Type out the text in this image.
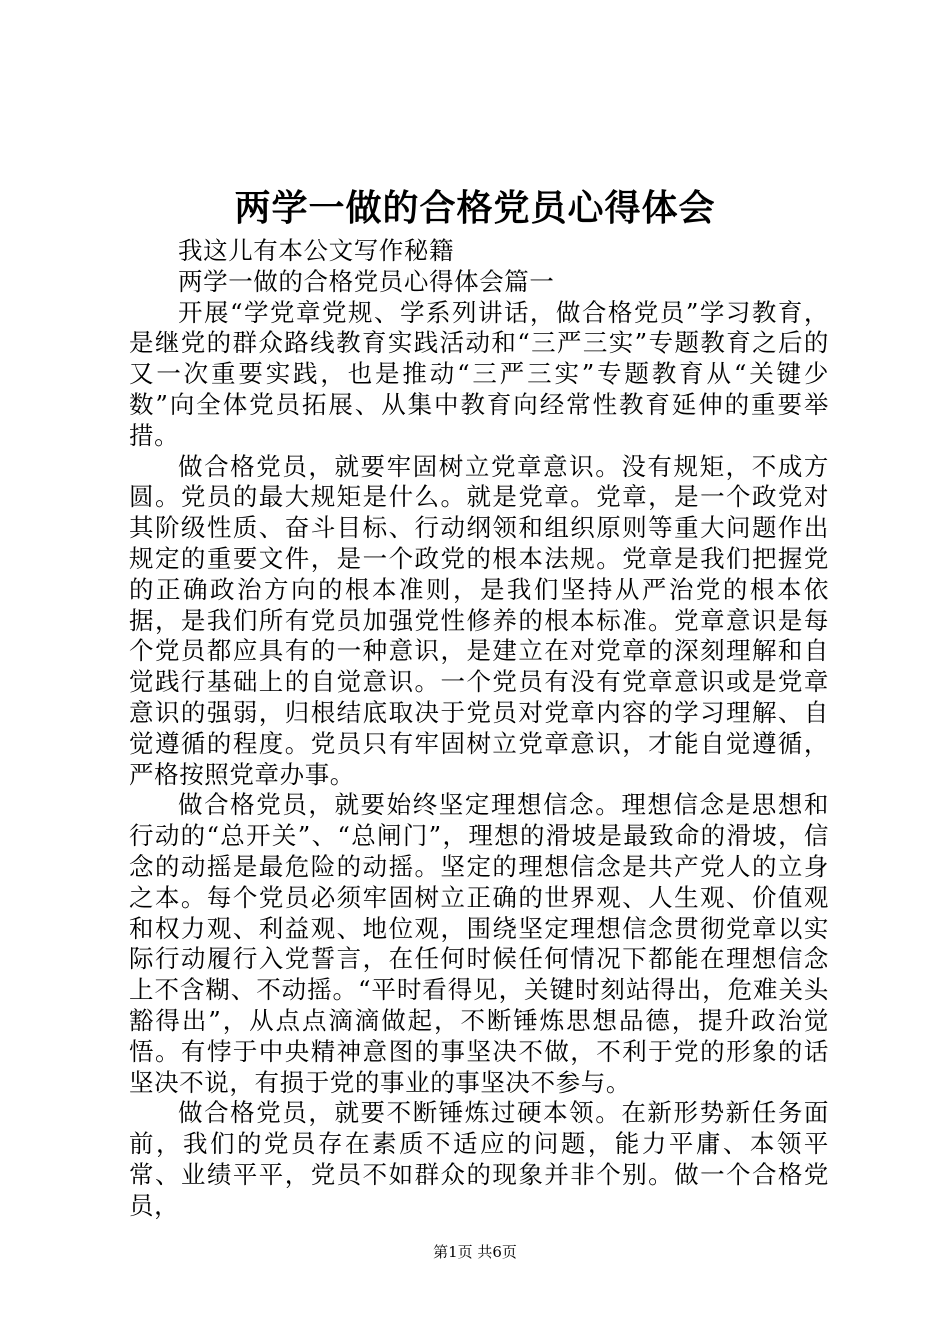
两学一做的合格党员心得体会

我这儿有本公文写作秘籍

两学一做的合格党员心得体会篇一

开展“学党章党规、学系列讲话，做合格党员”学习教育，是继党的群众路线教育实践活动和“三严三实”专题教育之后的又一次重要实践，也是推动“三严三实”专题教育从“关键少数”向全体党员拓展、从集中教育向经常性教育延伸的重要举措。

做合格党员，就要牢固树立党章意识。没有规矩，不成方圆。党员的最大规矩是什么。就是党章。党章，是一个政党对其阶级性质、奋斗目标、行动纲领和组织原则等重大问题作出规定的重要文件，是一个政党的根本法规。党章是我们把握党的正确政治方向的根本准则，是我们坚持从严治党的根本依据，是我们所有党员加强党性修养的根本标准。党章意识是每个党员都应具有的一种意识，是建立在对党章的深刻理解和自觉践行基础上的自觉意识。一个党员有没有党章意识或是党章意识的强弱，归根结底取决于党员对党章内容的学习理解、自觉遵循的程度。党员只有牢固树立党章意识，才能自觉遵循，严格按照党章办事。

做合格党员，就要始终坚定理想信念。理想信念是思想和行动的“总开关”、“总闸门”，理想的滑坡是最致命的滑坡，信念的动摇是最危险的动摇。坚定的理想信念是共产党人的立身之本。每个党员必须牢固树立正确的世界观、人生观、价值观和权力观、利益观、地位观，围绕坚定理想信念贯彻党章以实际行动履行入党誓言，在任何时候任何情况下都能在理想信念上不含糊、不动摇。“平时看得见，关键时刻站得出，危难关头豁得出”，从点点滴滴做起，不断锤炼思想品德，提升政治觉悟。有悖于中央精神意图的事坚决不做，不利于党的形象的话坚决不说，有损于党的事业的事坚决不参与。

做合格党员，就要不断锤炼过硬本领。在新形势新任务面前，我们的党员存在素质不适应的问题，能力平庸、本领平常、业绩平平，党员不如群众的现象并非个别。做一个合格党员，

第1页 共6页
